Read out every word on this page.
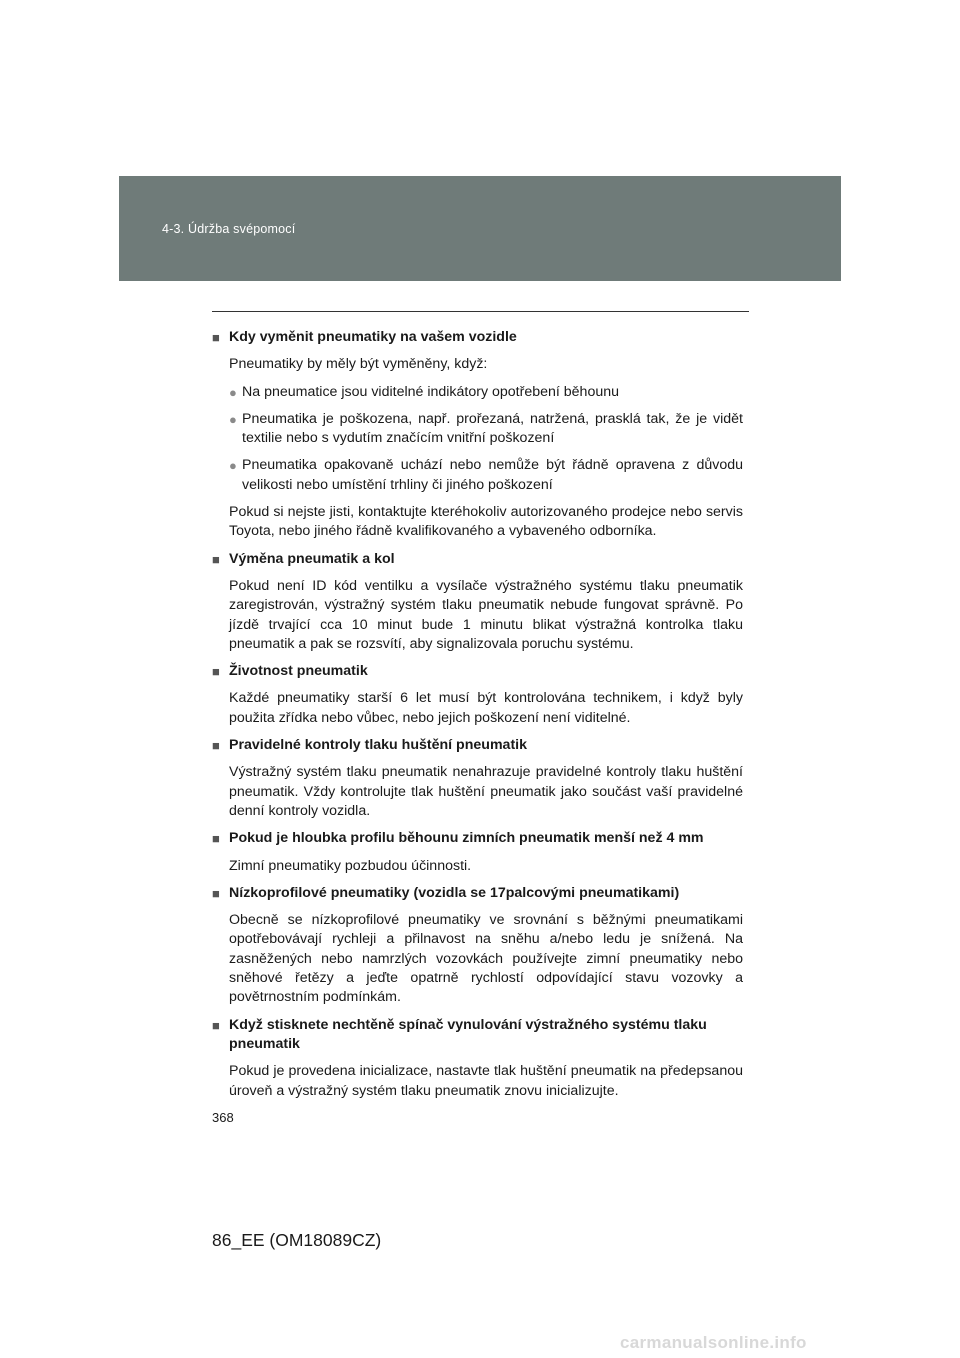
4-3. Údržba svépomocí
■ Kdy vyměnit pneumatiky na vašem vozidle
Pneumatiky by měly být vyměněny, když:
● Na pneumatice jsou viditelné indikátory opotřebení běhounu
● Pneumatika je poškozena, např. prořezaná, natržená, prasklá tak, že je vidět textilie nebo s vydutím značícím vnitřní poškození
● Pneumatika opakovaně uchází nebo nemůže být řádně opravena z důvodu velikosti nebo umístění trhliny či jiného poškození
Pokud si nejste jisti, kontaktujte kteréhokoliv autorizovaného prodejce nebo servis Toyota, nebo jiného řádně kvalifikovaného a vybaveného odborníka.
■ Výměna pneumatik a kol
Pokud není ID kód ventilku a vysílače výstražného systému tlaku pneumatik zaregistrován, výstražný systém tlaku pneumatik nebude fungovat správně. Po jízdě trvající cca 10 minut bude 1 minutu blikat výstražná kontrolka tlaku pneumatik a pak se rozsvítí, aby signalizovala poruchu systému.
■ Životnost pneumatik
Každé pneumatiky starší 6 let musí být kontrolována technikem, i když byly použita zřídka nebo vůbec, nebo jejich poškození není viditelné.
■ Pravidelné kontroly tlaku huštění pneumatik
Výstražný systém tlaku pneumatik nenahrazuje pravidelné kontroly tlaku huštění pneumatik. Vždy kontrolujte tlak huštění pneumatik jako součást vaší pravidelné denní kontroly vozidla.
■ Pokud je hloubka profilu běhounu zimních pneumatik menší než 4 mm
Zimní pneumatiky pozbudou účinnosti.
■ Nízkoprofilové pneumatiky (vozidla se 17palcovými pneumatikami)
Obecně se nízkoprofilové pneumatiky ve srovnání s běžnými pneumatikami opotřebovávají rychleji a přilnavost na sněhu a/nebo ledu je snížená. Na zasněžených nebo namrzlých vozovkách používejte zimní pneumatiky nebo sněhové řetězy a jeďte opatrně rychlostí odpovídající stavu vozovky a povětrnostním podmínkám.
■ Když stisknete nechtěně spínač vynulování výstražného systému tlaku pneumatik
Pokud je provedena inicializace, nastavte tlak huštění pneumatik na předepsanou úroveň a výstražný systém tlaku pneumatik znovu inicializujte.
368
86_EE (OM18089CZ)
carmanualsonline.info
